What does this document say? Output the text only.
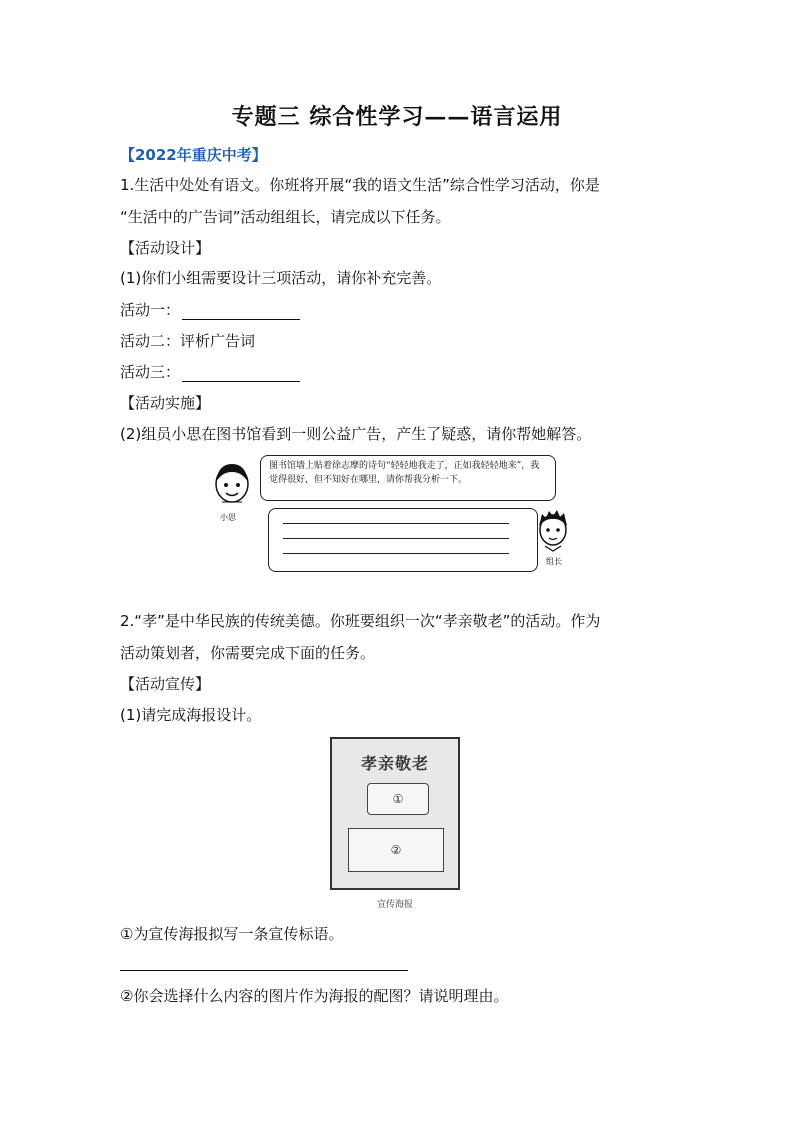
专题三 综合性学习——语言运用
【2022年重庆中考】
1.生活中处处有语文。你班将开展“我的语文生活”综合性学习活动，你是
“生活中的广告词”活动组组长，请完成以下任务。
【活动设计】
(1)你们小组需要设计三项活动，请你补充完善。
活动一：
活动二：评析广告词
活动三：
【活动实施】
(2)组员小思在图书馆看到一则公益广告，产生了疑惑，请你帮她解答。
小思
图书馆墙上贴着徐志摩的诗句“轻轻地我走了，正如我轻轻地来”，我觉得很好，但不知好在哪里，请你帮我分析一下。
组长
2.“孝”是中华民族的传统美德。你班要组织一次“孝亲敬老”的活动。作为
活动策划者，你需要完成下面的任务。
【活动宣传】
(1)请完成海报设计。
孝亲敬老
①
②
宣传海报
①为宣传海报拟写一条宣传标语。
②你会选择什么内容的图片作为海报的配图？请说明理由。
